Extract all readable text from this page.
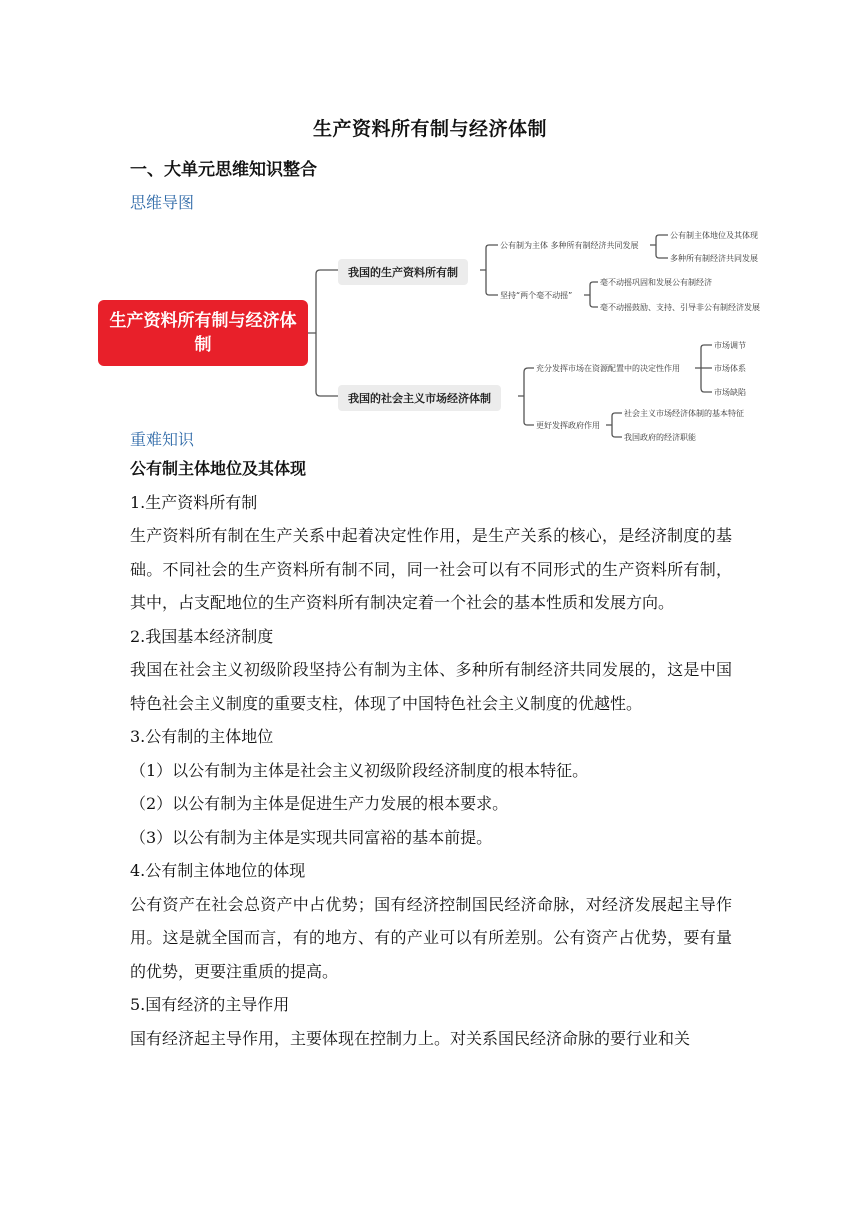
生产资料所有制与经济体制
一、大单元思维知识整合
思维导图
生产资料所有制与经济体制
我国的生产资料所有制
我国的社会主义市场经济体制
公有制为主体 多种所有制经济共同发展
坚持“两个毫不动摇”
公有制主体地位及其体现
多种所有制经济共同发展
毫不动摇巩固和发展公有制经济
毫不动摇鼓励、支持、引导非公有制经济发展
充分发挥市场在资源配置中的决定性作用
更好发挥政府作用
市场调节
市场体系
市场缺陷
社会主义市场经济体制的基本特征
我国政府的经济职能
重难知识
公有制主体地位及其体现
1.生产资料所有制
生产资料所有制在生产关系中起着决定性作用，是生产关系的核心，是经济制度的基础。不同社会的生产资料所有制不同，同一社会可以有不同形式的生产资料所有制，其中，占支配地位的生产资料所有制决定着一个社会的基本性质和发展方向。
2.我国基本经济制度
我国在社会主义初级阶段坚持公有制为主体、多种所有制经济共同发展的，这是中国特色社会主义制度的重要支柱，体现了中国特色社会主义制度的优越性。
3.公有制的主体地位
（1）以公有制为主体是社会主义初级阶段经济制度的根本特征。
（2）以公有制为主体是促进生产力发展的根本要求。
（3）以公有制为主体是实现共同富裕的基本前提。
4.公有制主体地位的体现
公有资产在社会总资产中占优势；国有经济控制国民经济命脉，对经济发展起主导作用。这是就全国而言，有的地方、有的产业可以有所差别。公有资产占优势，要有量的优势，更要注重质的提高。
5.国有经济的主导作用
国有经济起主导作用，主要体现在控制力上。对关系国民经济命脉的要行业和关
